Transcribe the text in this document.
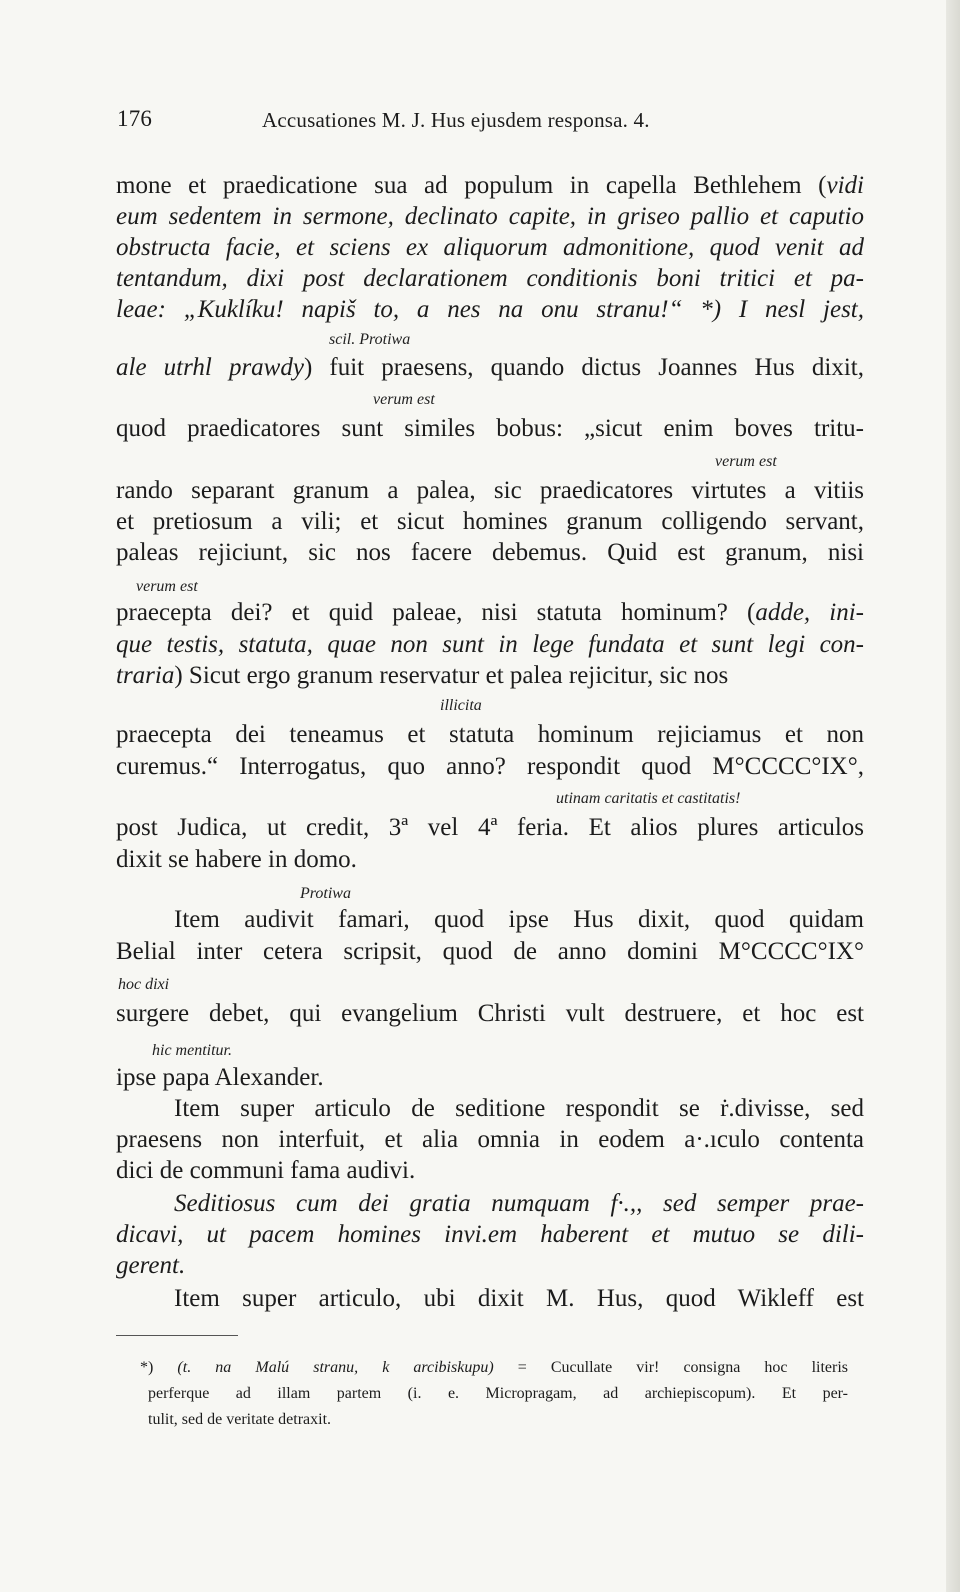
176	Accusationes M. J. Hus ejusdem responsa. 4.
mone et praedicatione sua ad populum in capella Bethlehem (vidi
eum sedentem in sermone, declinato capite, in griseo pallio et caputio
obstructa facie, et sciens ex aliquorum admonitione, quod venit ad
tentandum, dixi post declarationem conditionis boni tritici et pa-
leae: „Kuklíku! napiš to, a nes na onu stranu!“ *) I nesl jest,
scil. Protiwa
ale utrhl prawdy) fuit praesens, quando dictus Joannes Hus dixit,
verum est
quod praedicatores sunt similes bobus: „sicut enim boves tritu-
verum est
rando separant granum a palea, sic praedicatores virtutes a vitiis
et pretiosum a vili; et sicut homines granum colligendo servant,
paleas rejiciunt, sic nos facere debemus. Quid est granum, nisi
verum est
praecepta dei? et quid paleae, nisi statuta hominum? (adde, ini-
que testis, statuta, quae non sunt in lege fundata et sunt legi con-
traria) Sicut ergo granum reservatur et palea rejicitur, sic nos
illicita
praecepta dei teneamus et statuta hominum rejiciamus et non
curemus.“ Interrogatus, quo anno? respondit quod M°CCCC°IX°,
utinam caritatis et castitatis!
post Judica, ut credit, 3ª vel 4ª feria. Et alios plures articulos
dixit se habere in domo.
Protiwa
Item audivit famari, quod ipse Hus dixit, quod quidam
Belial inter cetera scripsit, quod de anno domini M°CCCC°IX°
hoc dixi
surgere debet, qui evangelium Christi vult destruere, et hoc est
hic mentitur.
ipse papa Alexander.
Item super articulo de seditione respondit se ṙ.divisse, sed
praesens non interfuit, et alia omnia in eodem a·.ıculo contenta
dici de communi fama audivi.
Seditiosus cum dei gratia numquam f·.,, sed semper prae-
dicavi, ut pacem homines invi.em haberent et mutuo se dili-
gerent.
Item super articulo, ubi dixit M. Hus, quod Wikleff est
*) (t. na Malú stranu, k arcibiskupu) = Cucullate vir! consigna hoc literis
perferque ad illam partem (i. e. Micropragam, ad archiepiscopum). Et per-
tulit, sed de veritate detraxit.
